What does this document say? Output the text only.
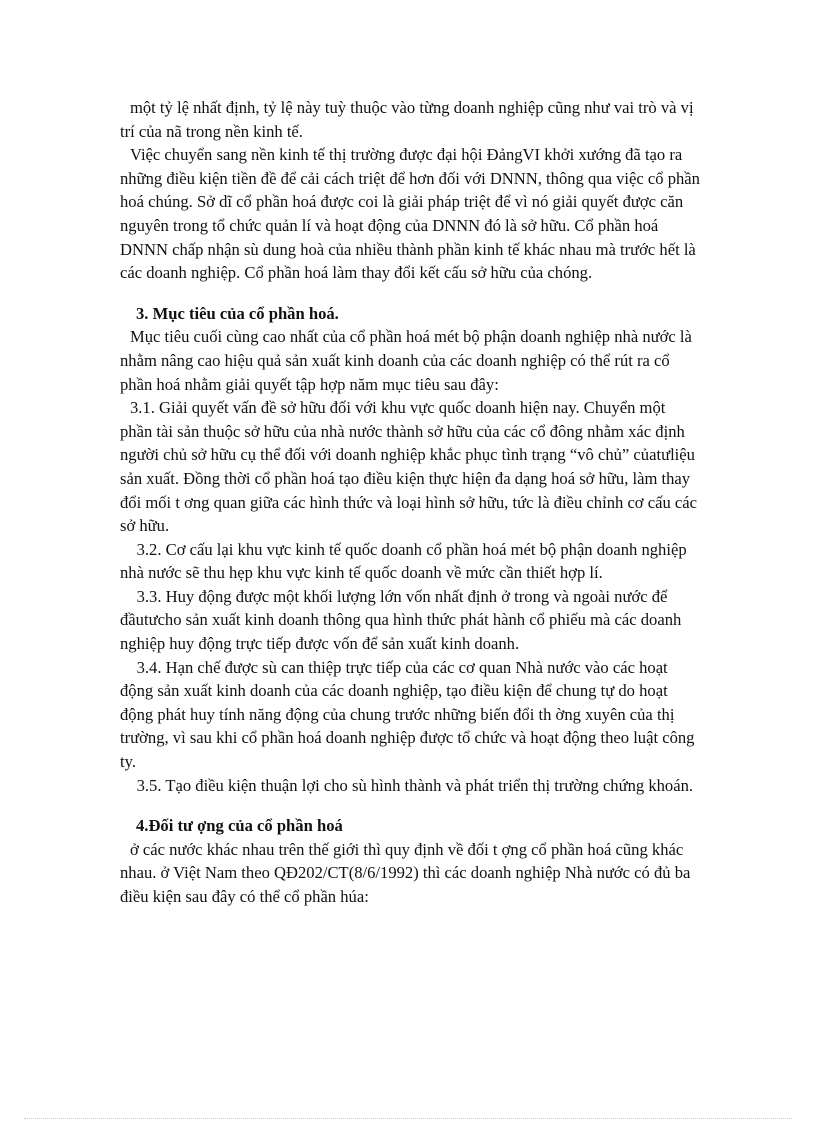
một tỷ lệ nhất định, tỷ lệ này tuỳ thuộc vào từng doanh nghiệp cũng như vai trò và vị trí của nã trong nền kinh tế.

Việc chuyển sang nền kinh tế thị trường được đại hội ĐảngVI khởi xướng đã tạo ra những điều kiện tiền đề để cải cách triệt để hơn đối với DNNN, thông qua việc cổ phần hoá chúng. Sở dĩ cổ phần hoá được coi là giải pháp triệt để vì nó giải quyết được căn nguyên trong tổ chức quản lí và hoạt động của DNNN đó là sở hữu. Cổ phần hoá DNNN chấp nhận sù dung hoà của nhiều thành phần kinh tế khác nhau mà trước hết là các doanh nghiệp. Cổ phần hoá làm thay đổi kết cấu sở hữu của chóng.

3. Mục tiêu của cổ phần hoá.

Mục tiêu cuối cùng cao nhất của cổ phần hoá mét bộ phận doanh nghiệp nhà nước là nhằm nâng cao hiệu quả sản xuất kinh doanh của các doanh nghiệp có thể rút ra cổ phần hoá nhằm giải quyết tập hợp năm mục tiêu sau đây:

3.1. Giải quyết vấn đề sở hữu đối với khu vực quốc doanh hiện nay. Chuyển một phần tài sản thuộc sở hữu của nhà nước thành sở hữu của các cổ đông nhằm xác định người chủ sở hữu cụ thể đối với doanh nghiệp khắc phục tình trạng “vô chủ” củatưliệu sản xuất. Đồng thời cổ phần hoá tạo điều kiện thực hiện đa dạng hoá sở hữu, làm thay đổi mối t ơng quan giữa các hình thức và loại hình sở hữu, tức là điều chỉnh cơ cấu các sở hữu.

3.2. Cơ cấu lại khu vực kinh tế quốc doanh cổ phần hoá mét bộ phận doanh nghiệp nhà nước sẽ thu hẹp khu vực kinh tế quốc doanh về mức cần thiết hợp lí.

3.3. Huy động được một khối lượng lớn vốn nhất định ở trong và ngoài nước để đầutưcho sản xuất kinh doanh thông qua hình thức phát hành cổ phiếu mà các doanh nghiệp huy động trực tiếp được vốn để sản xuất kinh doanh.

3.4. Hạn chế được sù can thiệp trực tiếp của các cơ quan Nhà nước vào các hoạt động sản xuất kinh doanh của các doanh nghiệp, tạo điều kiện để chung tự do hoạt động phát huy tính năng động của chung trước những biến đổi th ờng xuyên của thị trường, vì sau khi cổ phần hoá doanh nghiệp được tổ chức và hoạt động theo luật công ty.

3.5. Tạo điều kiện thuận lợi cho sù hình thành và phát triển thị trường chứng khoán.

4.Đối tư ợng của cổ phần hoá

ở các nước khác nhau trên thế giới thì quy định về đối t ợng cổ phần hoá cũng khác nhau. ở Việt Nam theo QĐ202/CT(8/6/1992) thì các doanh nghiệp Nhà nước có đủ ba điều kiện sau đây có thể cổ phần húa:
